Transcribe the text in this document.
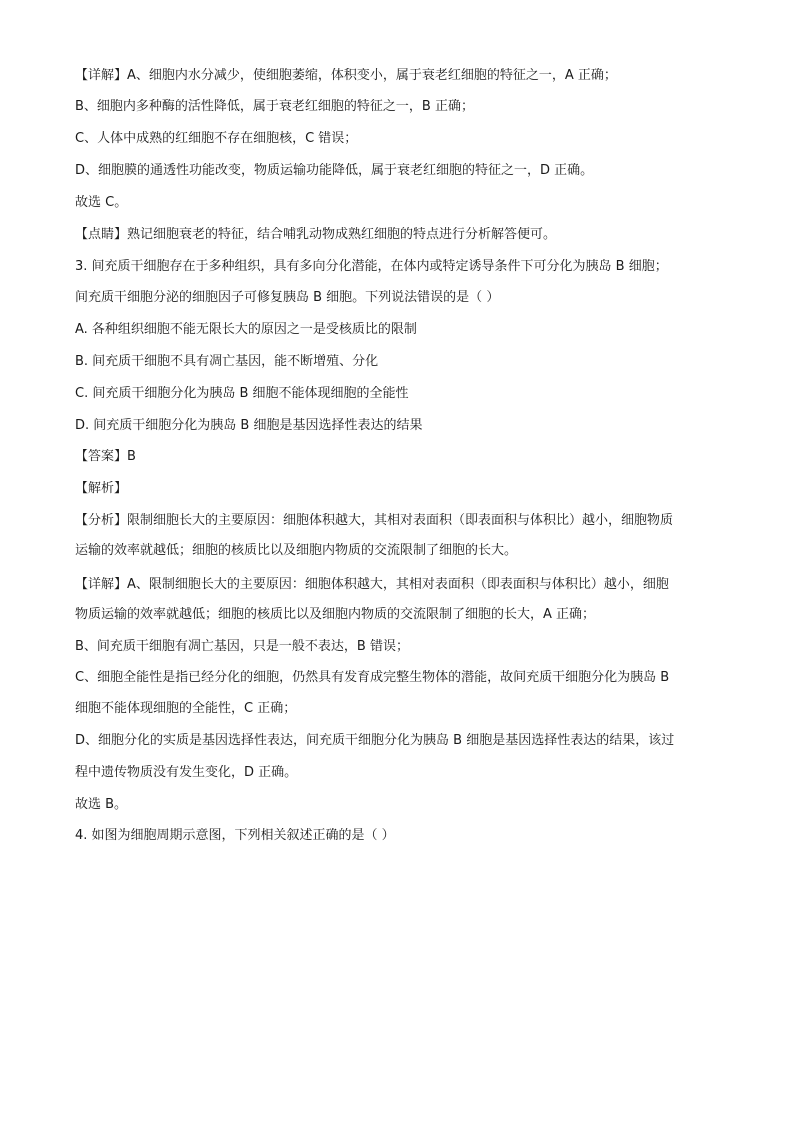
【详解】A、细胞内水分减少，使细胞萎缩，体积变小，属于衰老红细胞的特征之一，A 正确；
B、细胞内多种酶的活性降低，属于衰老红细胞的特征之一，B 正确；
C、人体中成熟的红细胞不存在细胞核，C 错误；
D、细胞膜的通透性功能改变，物质运输功能降低，属于衰老红细胞的特征之一，D 正确。
故选 C。
【点睛】熟记细胞衰老的特征，结合哺乳动物成熟红细胞的特点进行分析解答便可。
3. 间充质干细胞存在于多种组织，具有多向分化潜能，在体内或特定诱导条件下可分化为胰岛 B 细胞；
间充质干细胞分泌的细胞因子可修复胰岛 B 细胞。下列说法错误的是（ ）
A. 各种组织细胞不能无限长大的原因之一是受核质比的限制
B. 间充质干细胞不具有凋亡基因，能不断增殖、分化
C. 间充质干细胞分化为胰岛 B 细胞不能体现细胞的全能性
D. 间充质干细胞分化为胰岛 B 细胞是基因选择性表达的结果
【答案】B
【解析】
【分析】限制细胞长大的主要原因：细胞体积越大，其相对表面积（即表面积与体积比）越小，细胞物质
运输的效率就越低；细胞的核质比以及细胞内物质的交流限制了细胞的长大。
【详解】A、限制细胞长大的主要原因：细胞体积越大，其相对表面积（即表面积与体积比）越小，细胞
物质运输的效率就越低；细胞的核质比以及细胞内物质的交流限制了细胞的长大，A 正确；
B、间充质干细胞有凋亡基因，只是一般不表达，B 错误；
C、细胞全能性是指已经分化的细胞，仍然具有发育成完整生物体的潜能，故间充质干细胞分化为胰岛 B
细胞不能体现细胞的全能性，C 正确；
D、细胞分化的实质是基因选择性表达，间充质干细胞分化为胰岛 B 细胞是基因选择性表达的结果，该过
程中遗传物质没有发生变化，D 正确。
故选 B。
4. 如图为细胞周期示意图，下列相关叙述正确的是（ ）
